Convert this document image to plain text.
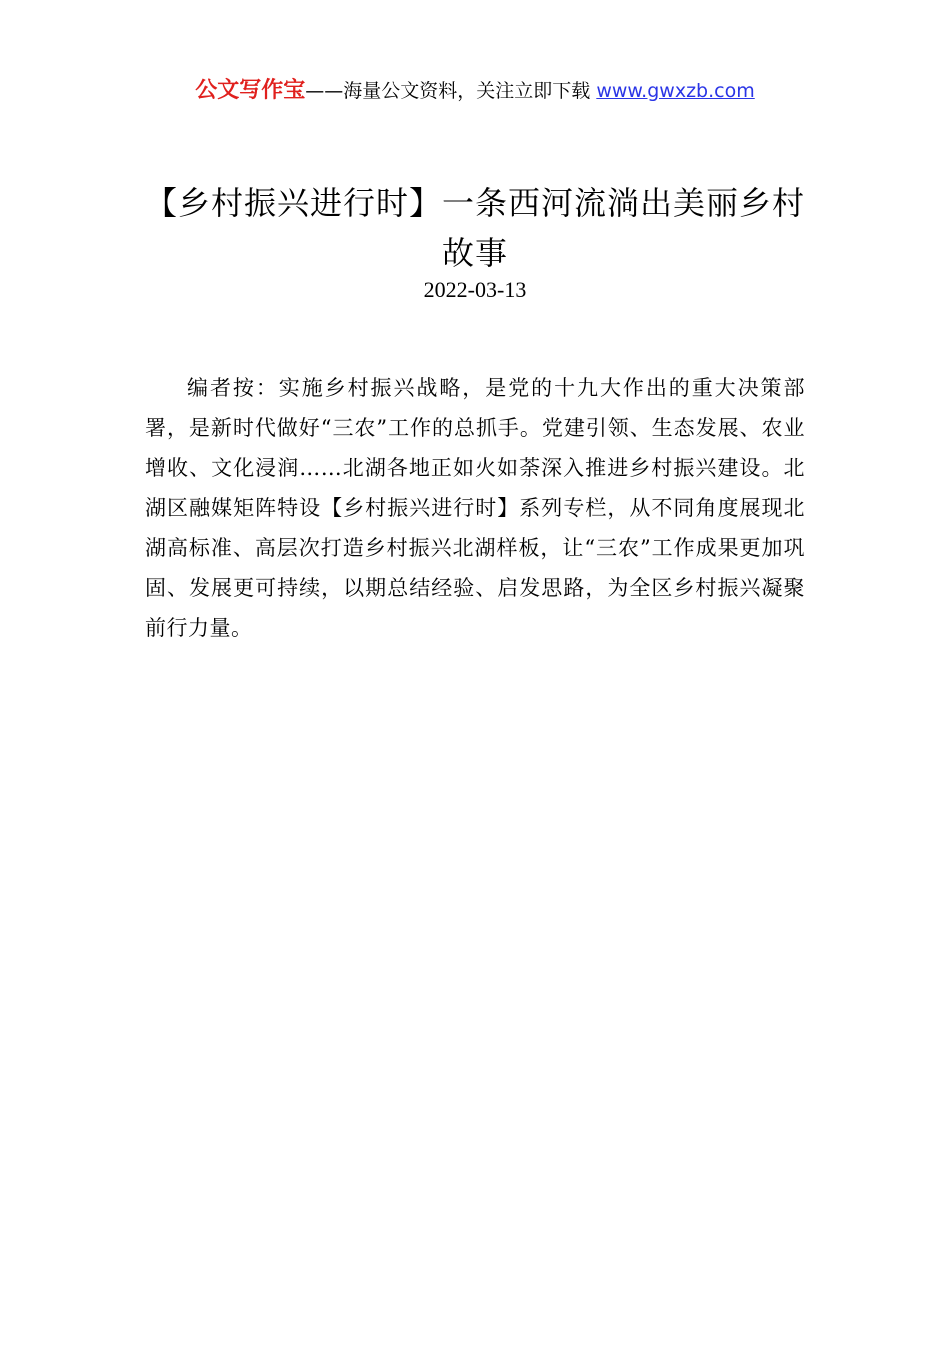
公文写作宝——海量公文资料，关注立即下载 www.gwxzb.com
【乡村振兴进行时】一条西河流淌出美丽乡村故事
2022-03-13
编者按：实施乡村振兴战略，是党的十九大作出的重大决策部署，是新时代做好“三农”工作的总抓手。党建引领、生态发展、农业增收、文化浸润……北湖各地正如火如荼深入推进乡村振兴建设。北湖区融媒矩阵特设【乡村振兴进行时】系列专栏，从不同角度展现北湖高标准、高层次打造乡村振兴北湖样板，让“三农”工作成果更加巩固、发展更可持续，以期总结经验、启发思路，为全区乡村振兴凝聚前行力量。
